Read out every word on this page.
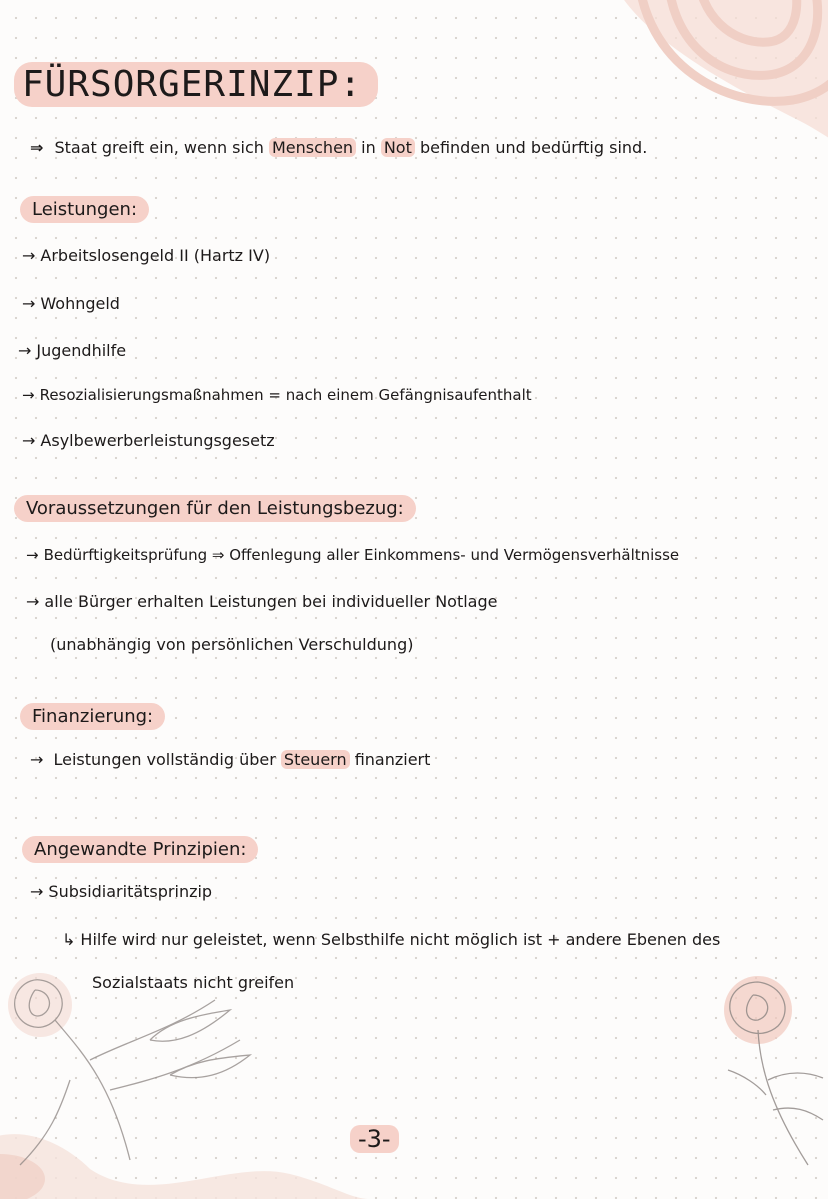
FÜRSORGERINZIP:
⇒ Staat greift ein, wenn sich Menschen in Not befinden und bedürftig sind.
Leistungen:
→ Arbeitslosengeld II (Hartz IV)
→ Wohngeld
→ Jugendhilfe
→ Resozialisierungsmaßnahmen = nach einem Gefängnisaufenthalt
→ Asylbewerberleistungsgesetz
Voraussetzungen für den Leistungsbezug:
→ Bedürftigkeitsprüfung ⇒ Offenlegung aller Einkommens- und Vermögensverhältnisse
→ alle Bürger erhalten Leistungen bei individueller Notlage
(unabhängig von persönlichen Verschuldung)
Finanzierung:
→ Leistungen vollständig über Steuern finanziert
Angewandte Prinzipien:
→ Subsidiaritätsprinzip
↳ Hilfe wird nur geleistet, wenn Selbsthilfe nicht möglich ist + andere Ebenen des
Sozialstaats nicht greifen
-3-
